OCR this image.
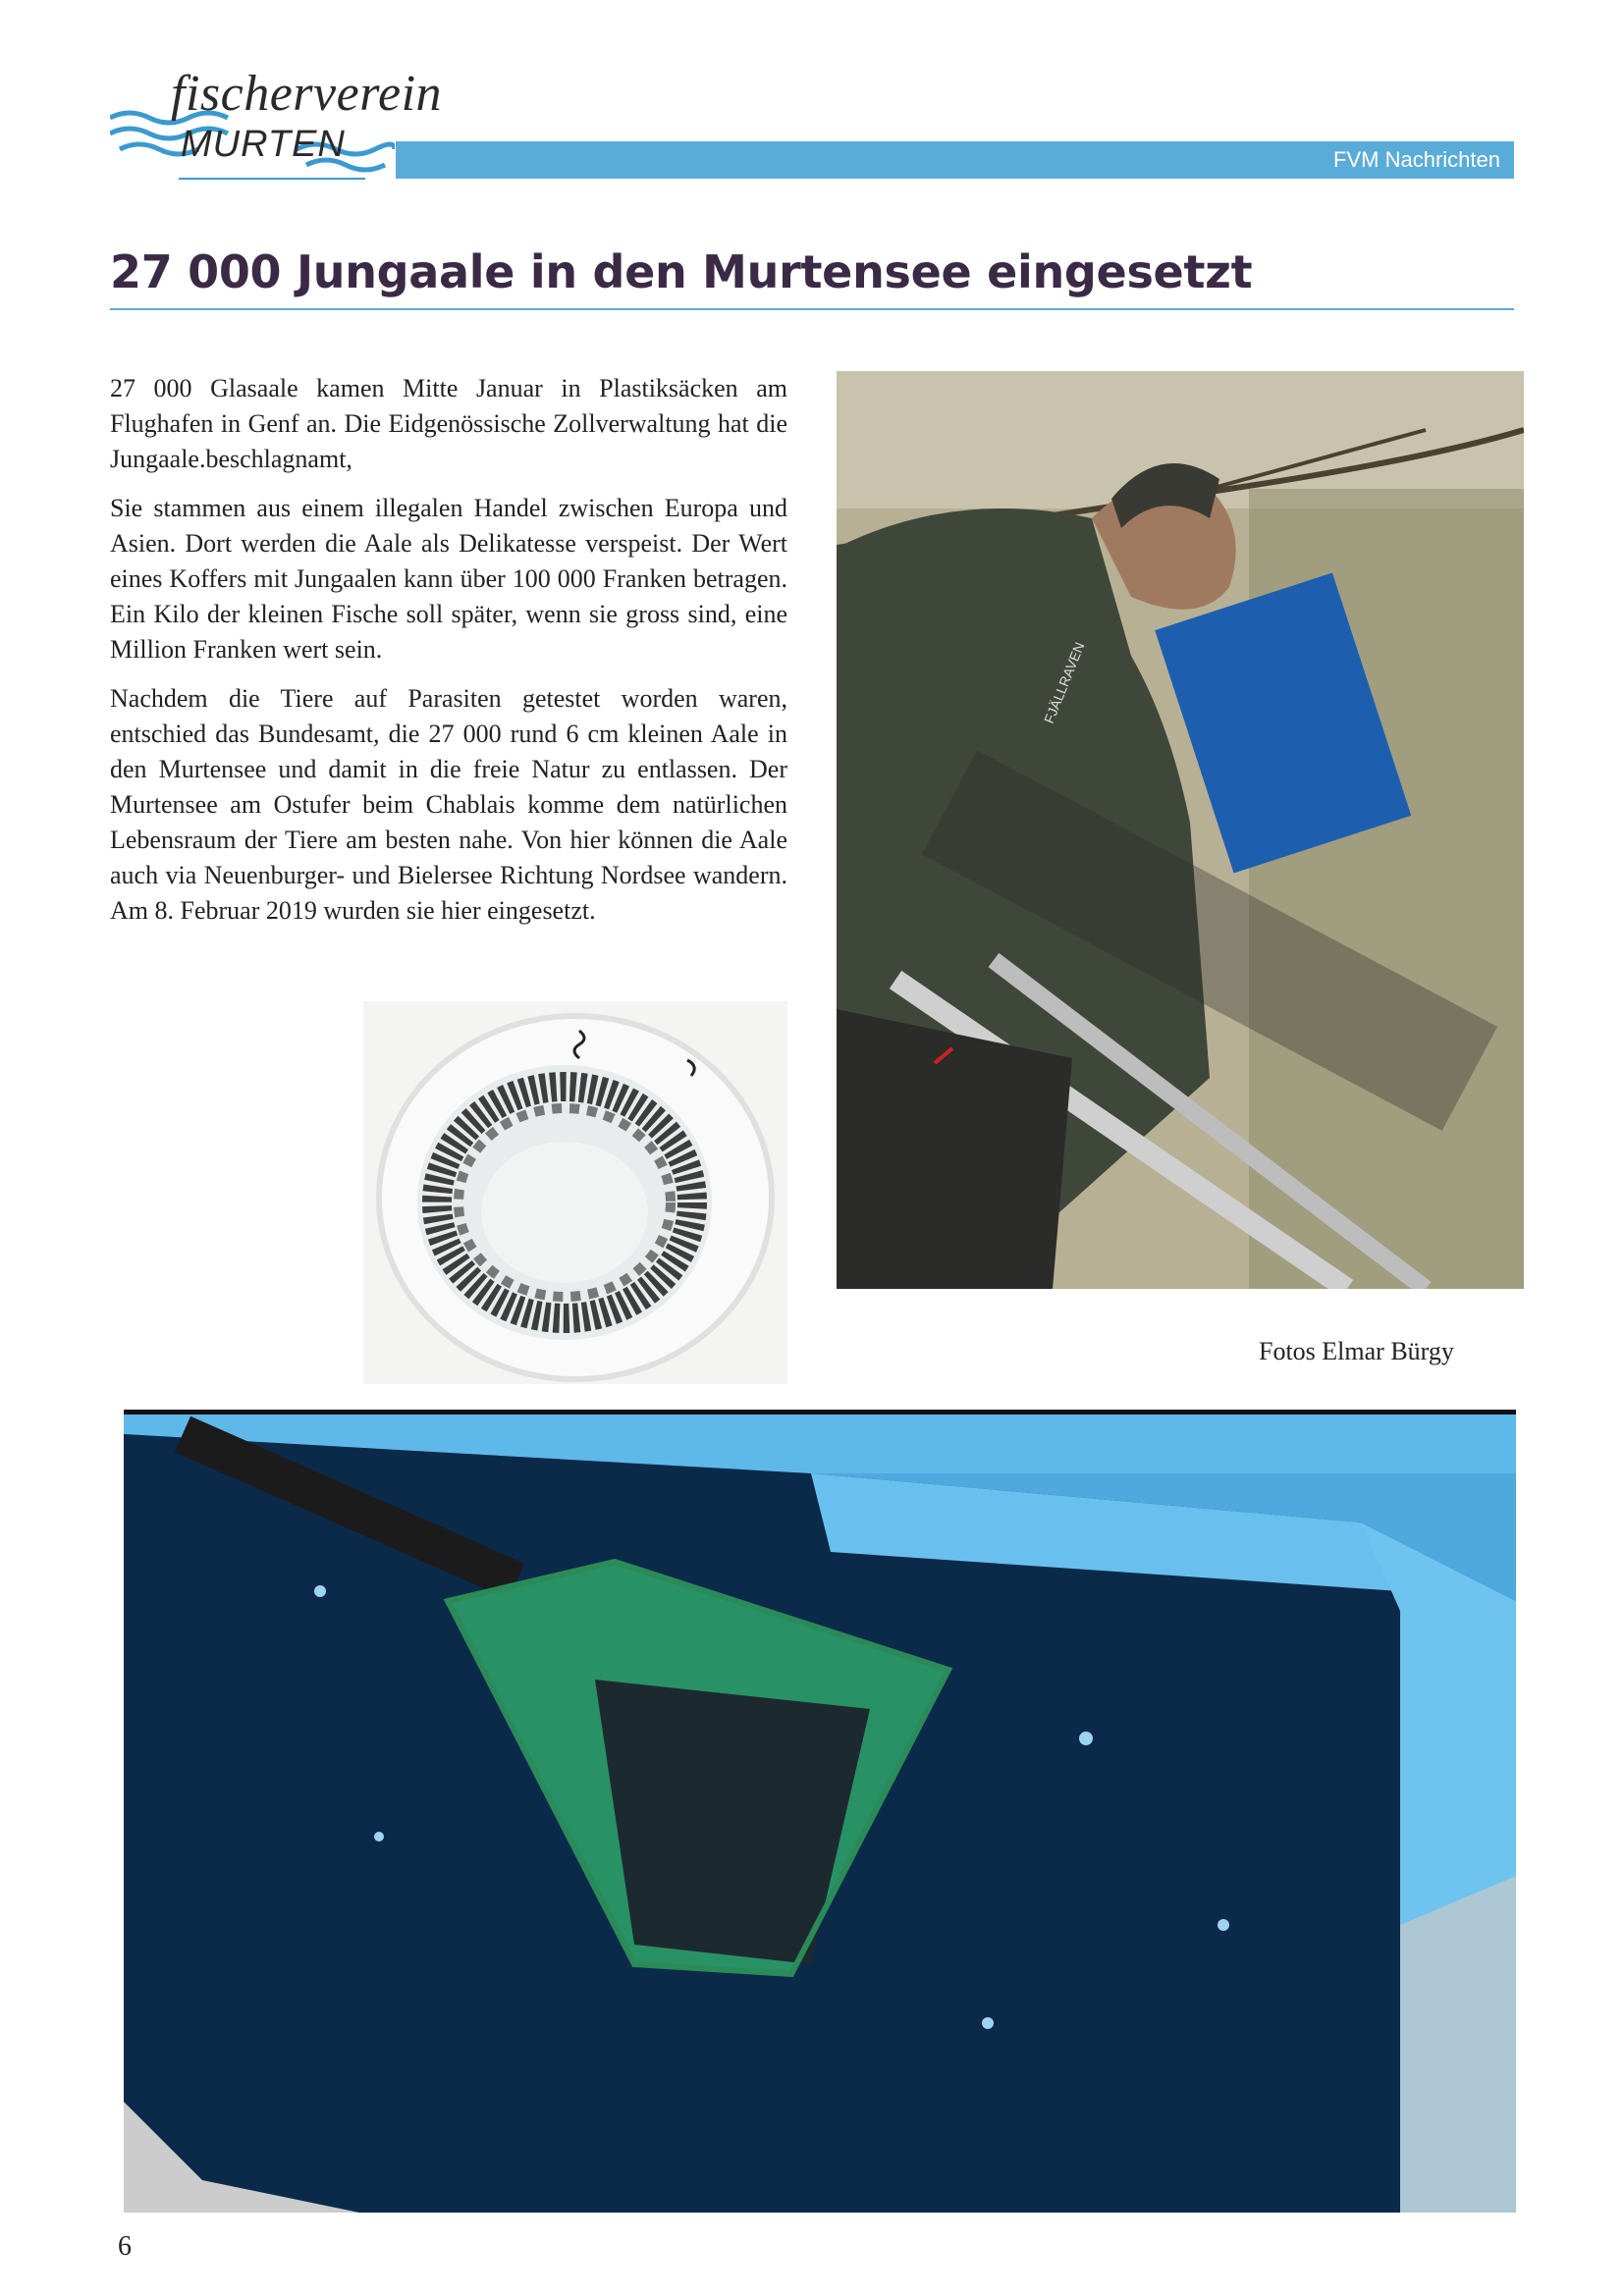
fischerverein
MURTEN	FVM Nachrichten
27 000 Jungaale in den Murtensee eingesetzt

27 000 Glasaale kamen Mitte Januar in Plastiksäcken am Flughafen in Genf an. Die Eidgenössische Zollverwaltung hat die Jungaale.beschlagnamt,

Sie stammen aus einem illegalen Handel zwischen Europa und Asien. Dort werden die Aale als Delikatesse verspeist. Der Wert eines Koffers mit Jungaalen kann über 100 000 Franken betragen. Ein Kilo der kleinen Fische soll später, wenn sie gross sind, eine Million Franken wert sein.

Nachdem die Tiere auf Parasiten getestet worden waren, entschied das Bundesamt, die 27 000 rund 6 cm kleinen Aale in den Murtensee und damit in die freie Natur zu entlassen. Der Murtensee am Ostufer beim Chablais komme dem natürlichen Lebensraum der Tiere am besten nahe. Von hier können die Aale auch via Neuenburger- und Bielersee Richtung Nordsee wandern. Am 8. Februar 2019 wurden sie hier eingesetzt.

FJÄLLRAVEN
Fotos Elmar Bürgy
6
